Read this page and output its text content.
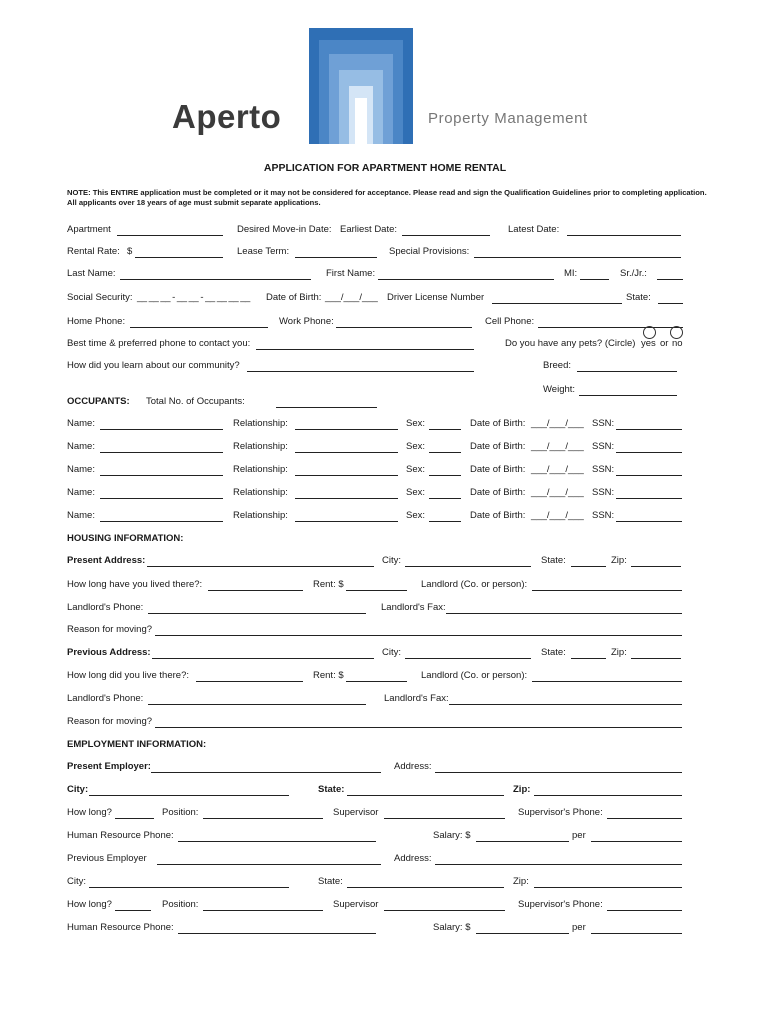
Aperto	Property Management
APPLICATION FOR APARTMENT HOME RENTAL
NOTE: This ENTIRE application must be completed or it may not be considered for acceptance. Please read and sign the Qualification Guidelines prior to completing application. All applicants over 18 years of age must submit separate applications.
Apartment	Desired Move-in Date: Earliest Date:	Latest Date:
Rental Rate: $	Lease Term:	Special Provisions:
Last Name:	First Name:	MI:	Sr./Jr.:
Social Security: __ __ __ - __ __ - __ __ __ __ Date of Birth: ___/___/___ Driver License Number	State:
Home Phone:	Work Phone:	Cell Phone:
Best time & preferred phone to contact you:	Do you have any pets? (Circle) yes or no
How did you learn about our community?	Breed:
Weight:
OCCUPANTS: Total No. of Occupants:
Name:	Relationship:	Sex:	Date of Birth: ___/___/___ SSN:
Name:	Relationship:	Sex:	Date of Birth: ___/___/___ SSN:
Name:	Relationship:	Sex:	Date of Birth: ___/___/___ SSN:
Name:	Relationship:	Sex:	Date of Birth: ___/___/___ SSN:
Name:	Relationship:	Sex:	Date of Birth: ___/___/___ SSN:
HOUSING INFORMATION:
Present Address:	City:	State:	Zip:
How long have you lived there?:	Rent: $	Landlord (Co. or person):
Landlord's Phone:	Landlord's Fax:
Reason for moving?
Previous Address:	City:	State:	Zip:
How long did you live there?:	Rent: $	Landlord (Co. or person):
Landlord's Phone:	Landlord's Fax:
Reason for moving?
EMPLOYMENT INFORMATION:
Present Employer:	Address:
City:	State:	Zip:
How long?	Position:	Supervisor	Supervisor's Phone:
Human Resource Phone:	Salary: $	per
Previous Employer	Address:
City:	State:	Zip:
How long?	Position:	Supervisor	Supervisor's Phone:
Human Resource Phone:	Salary: $	per
